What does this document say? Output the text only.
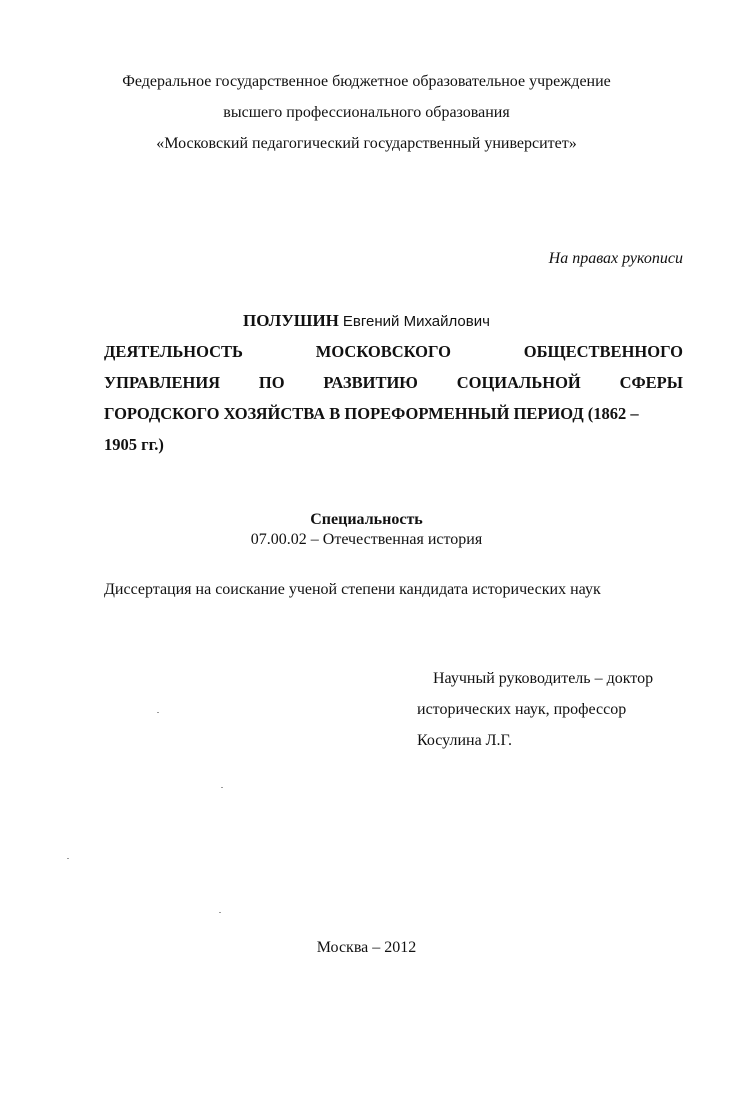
Федеральное государственное бюджетное образовательное учреждение
высшего профессионального образования
«Московский педагогический государственный университет»
На правах рукописи
ПОЛУШИН Евгений Михайлович
ДЕЯТЕЛЬНОСТЬ	МОСКОВСКОГО	ОБЩЕСТВЕННОГО
УПРАВЛЕНИЯ ПО РАЗВИТИЮ СОЦИАЛЬНОЙ СФЕРЫ
ГОРОДСКОГО ХОЗЯЙСТВА В ПОРЕФОРМЕННЫЙ ПЕРИОД (1862 –
1905 гг.)
Специальность
07.00.02 – Отечественная история
Диссертация на соискание ученой степени кандидата исторических наук
Научный руководитель – доктор
исторических наук, профессор
Косулина Л.Г.
Москва – 2012
